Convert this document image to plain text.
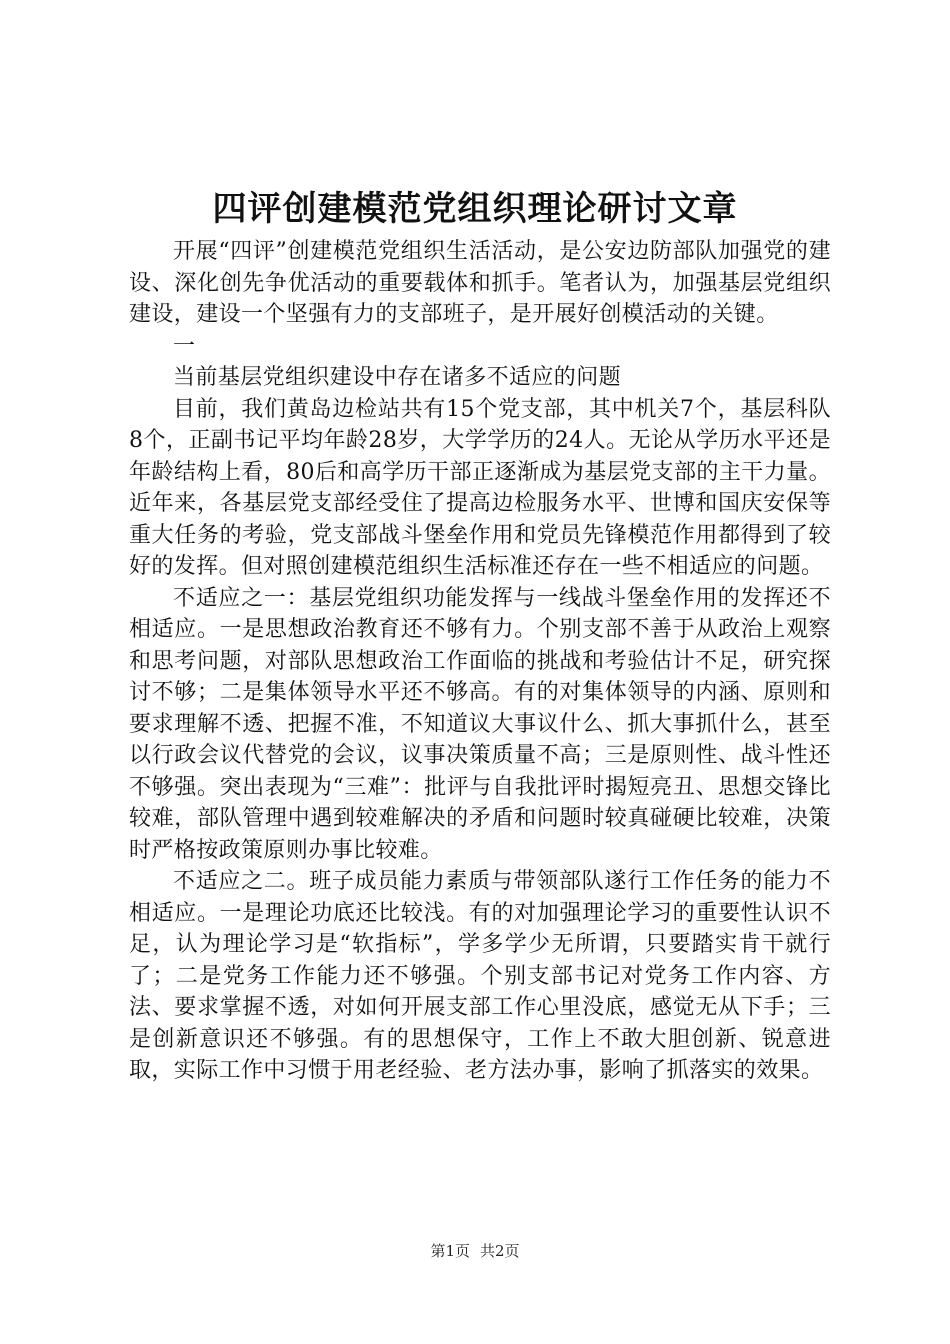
四评创建模范党组织理论研讨文章

开展“四评”创建模范党组织生活活动，是公安边防部队加强党的建设、深化创先争优活动的重要载体和抓手。笔者认为，加强基层党组织建设，建设一个坚强有力的支部班子，是开展好创模活动的关键。

一

当前基层党组织建设中存在诸多不适应的问题

目前，我们黄岛边检站共有15个党支部，其中机关7个，基层科队8个，正副书记平均年龄28岁，大学学历的24人。无论从学历水平还是年龄结构上看，80后和高学历干部正逐渐成为基层党支部的主干力量。近年来，各基层党支部经受住了提高边检服务水平、世博和国庆安保等重大任务的考验，党支部战斗堡垒作用和党员先锋模范作用都得到了较好的发挥。但对照创建模范组织生活标准还存在一些不相适应的问题。

不适应之一：基层党组织功能发挥与一线战斗堡垒作用的发挥还不相适应。一是思想政治教育还不够有力。个别支部不善于从政治上观察和思考问题，对部队思想政治工作面临的挑战和考验估计不足，研究探讨不够；二是集体领导水平还不够高。有的对集体领导的内涵、原则和要求理解不透、把握不准，不知道议大事议什么、抓大事抓什么，甚至以行政会议代替党的会议，议事决策质量不高；三是原则性、战斗性还不够强。突出表现为“三难”：批评与自我批评时揭短亮丑、思想交锋比较难，部队管理中遇到较难解决的矛盾和问题时较真碰硬比较难，决策时严格按政策原则办事比较难。

不适应之二。班子成员能力素质与带领部队遂行工作任务的能力不相适应。一是理论功底还比较浅。有的对加强理论学习的重要性认识不足，认为理论学习是“软指标”，学多学少无所谓，只要踏实肯干就行了；二是党务工作能力还不够强。个别支部书记对党务工作内容、方法、要求掌握不透，对如何开展支部工作心里没底，感觉无从下手；三是创新意识还不够强。有的思想保守，工作上不敢大胆创新、锐意进取，实际工作中习惯于用老经验、老方法办事，影响了抓落实的效果。

第1页 共2页
